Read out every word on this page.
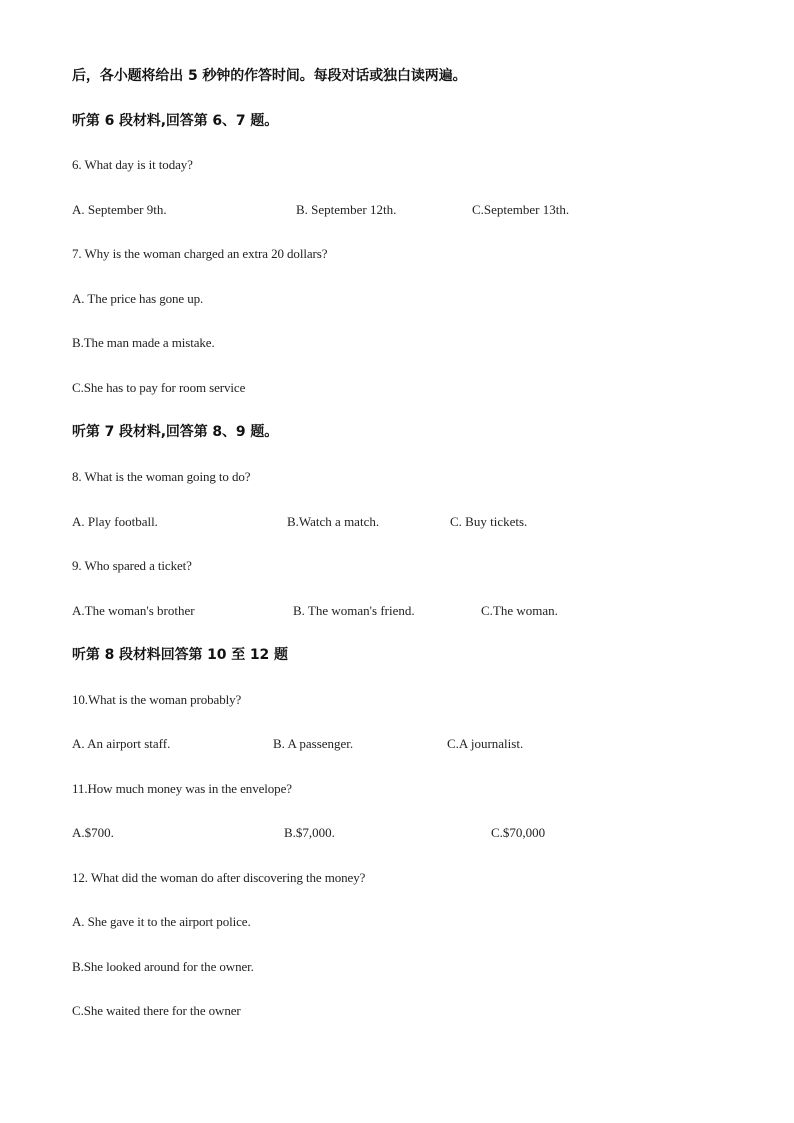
后，各小题将给出 5 秒钟的作答时间。每段对话或独白读两遍。
听第 6 段材料,回答第 6、7 题。
6. What day is it today?
A. September 9th.	B. September 12th.	C.September 13th.
7. Why is the woman charged an extra 20 dollars?
A. The price has gone up.
B.The man made a mistake.
C.She has to pay for room service
听第 7 段材料,回答第 8、9 题。
8. What is the woman going to do?
A. Play football.	B.Watch a match.	C. Buy tickets.
9. Who spared a ticket?
A.The woman's brother	B. The woman's friend.	C.The woman.
听第 8 段材料回答第 10 至 12 题
10.What is the woman probably?
A. An airport staff.	B. A passenger.	C.A journalist.
11.How much money was in the envelope?
A.$700.	B.$7,000.	C.$70,000
12. What did the woman do after discovering the money?
A. She gave it to the airport police.
B.She looked around for the owner.
C.She waited there for the owner
